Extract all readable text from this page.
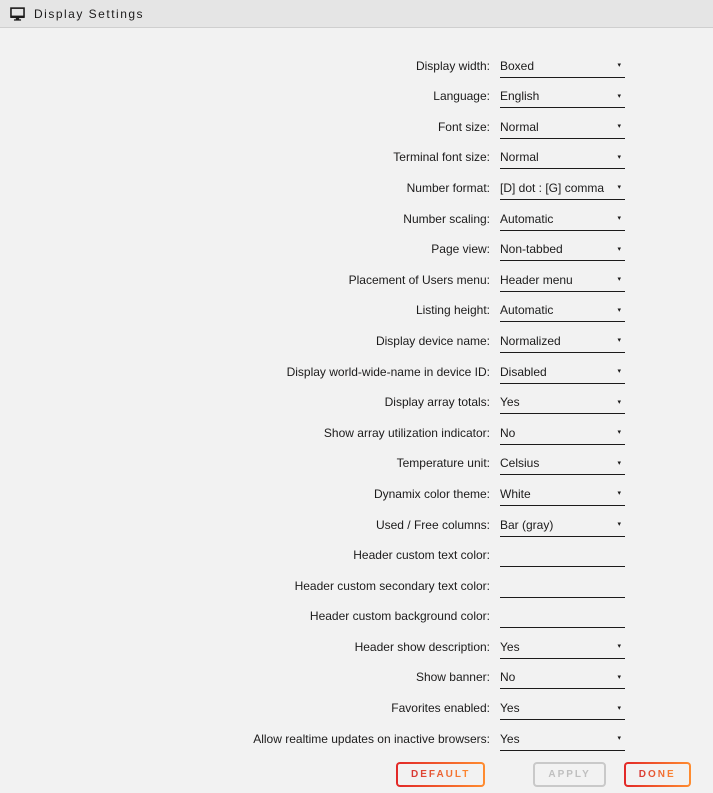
Display Settings
Display width: Boxed	▾
Language: English	▾
Font size: Normal	▾
Terminal font size: Normal	▾
Number format: [D] dot : [G] comma ▾
Number scaling: Automatic	▾
Page view: Non-tabbed	▾
Placement of Users menu: Header menu	▾
Listing height: Automatic	▾
Display device name: Normalized	▾
Display world-wide-name in device ID: Disabled	▾
Display array totals: Yes	▾
Show array utilization indicator: No	▾
Temperature unit: Celsius	▾
Dynamix color theme: White	▾
Used / Free columns: Bar (gray)	▾
Header custom text color:
Header custom secondary text color:
Header custom background color:
Header show description: Yes	▾
Show banner: No	▾
Favorites enabled: Yes	▾
Allow realtime updates on inactive browsers: Yes	▾
DEFAULT	APPLY	DONE
